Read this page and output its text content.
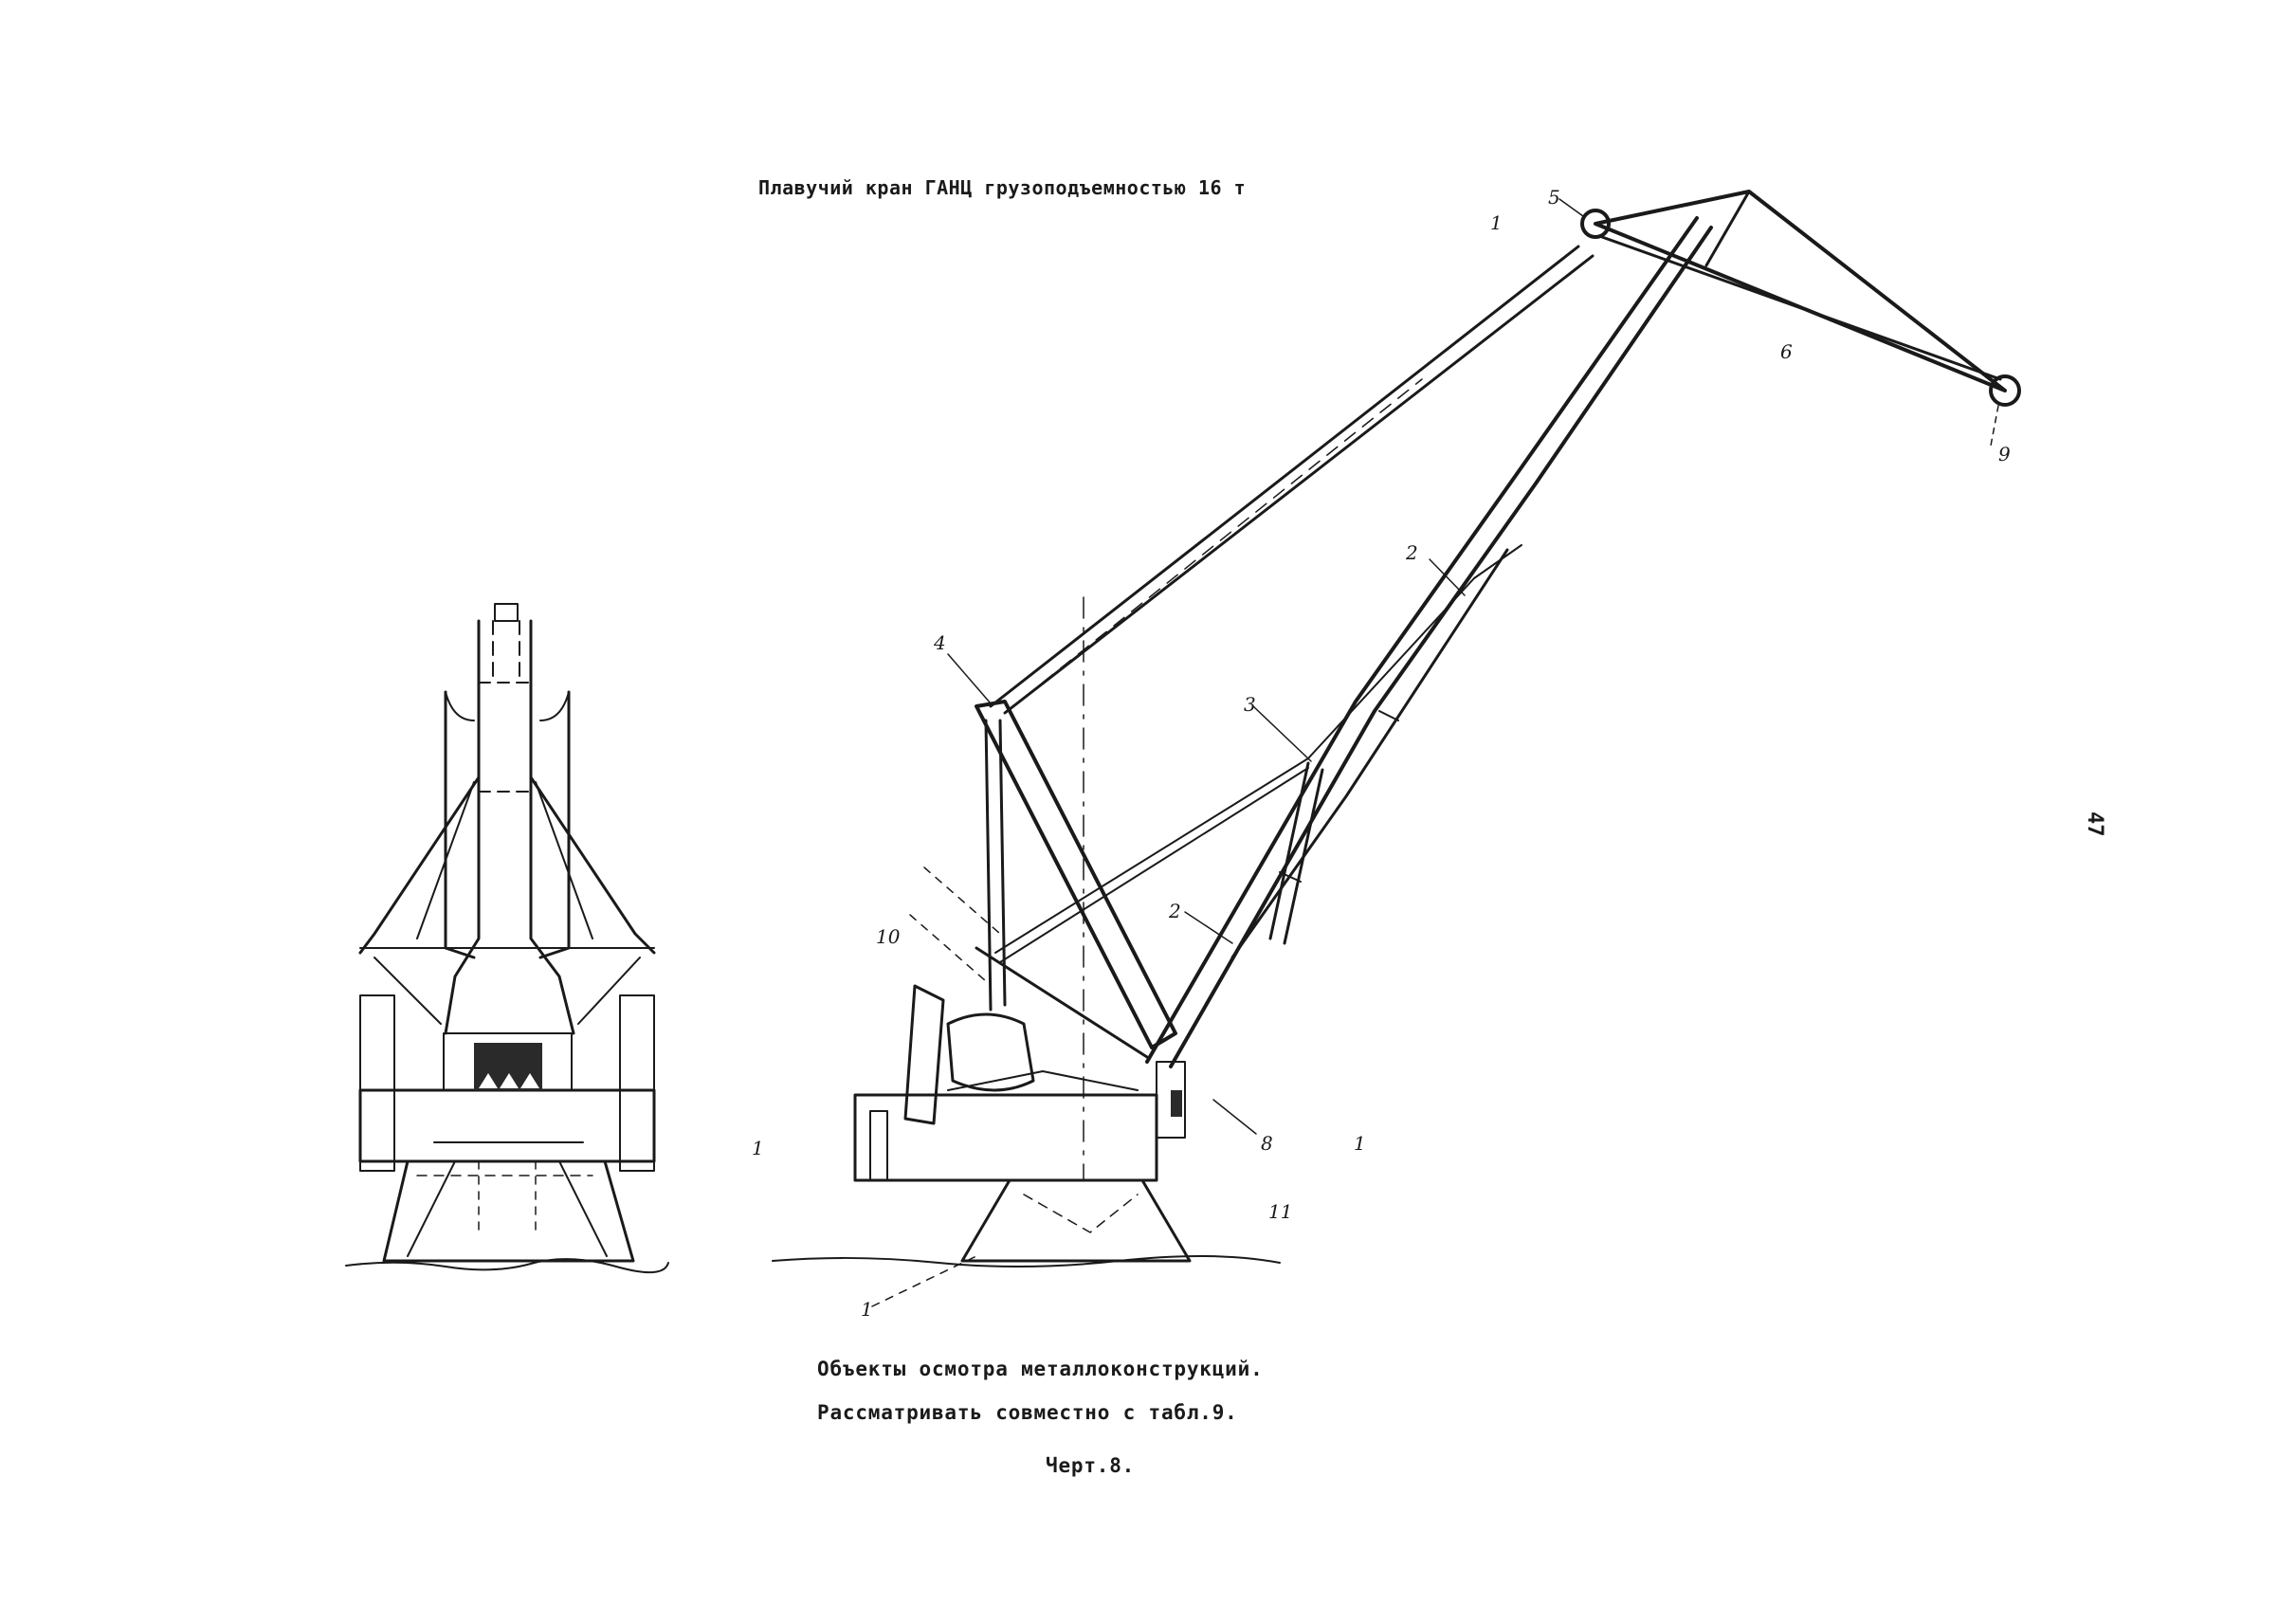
Плавучий кран ГАНЦ грузоподъемностью 16 т	5
1
6
9
2
4
3
2
10
8
1	1
11
1
Объекты осмотра металлоконструкций.
Рассматривать совместно с табл.9.
Черт.8.
47
